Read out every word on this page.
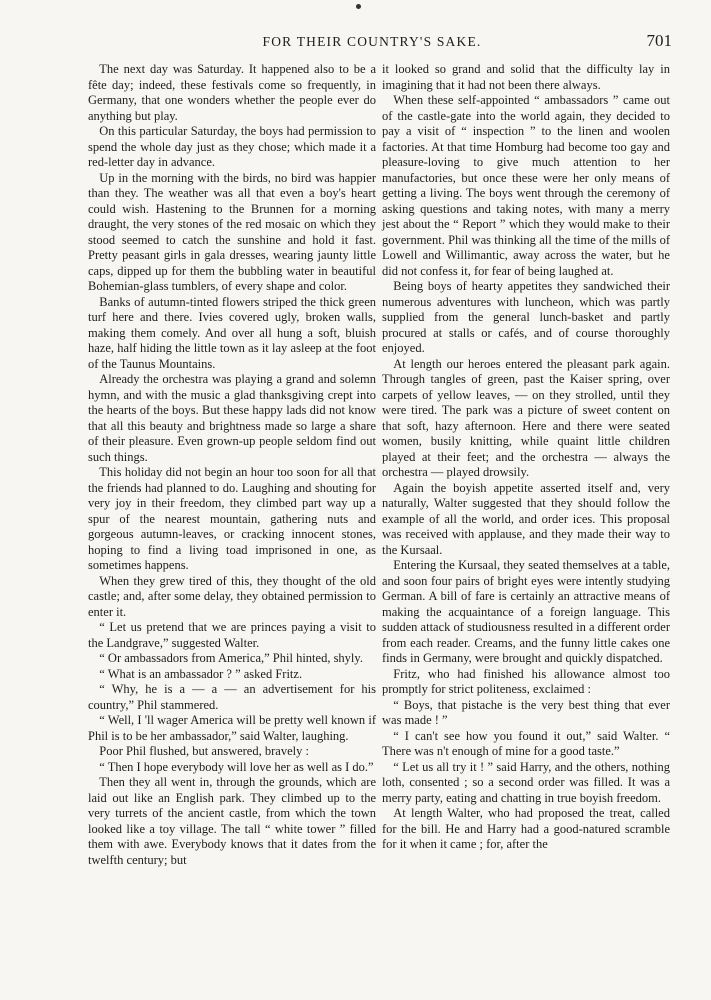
FOR THEIR COUNTRY'S SAKE.	701

The next day was Saturday. It happened also to be a fête day; indeed, these festivals come so frequently, in Germany, that one wonders whether the people ever do anything but play.

On this particular Saturday, the boys had permission to spend the whole day just as they chose; which made it a red-letter day in advance.

Up in the morning with the birds, no bird was happier than they. The weather was all that even a boy's heart could wish. Hastening to the Brunnen for a morning draught, the very stones of the red mosaic on which they stood seemed to catch the sunshine and hold it fast. Pretty peasant girls in gala dresses, wearing jaunty little caps, dipped up for them the bubbling water in beautiful Bohemian-glass tumblers, of every shape and color.

Banks of autumn-tinted flowers striped the thick green turf here and there. Ivies covered ugly, broken walls, making them comely. And over all hung a soft, bluish haze, half hiding the little town as it lay asleep at the foot of the Taunus Mountains.

Already the orchestra was playing a grand and solemn hymn, and with the music a glad thanksgiving crept into the hearts of the boys. But these happy lads did not know that all this beauty and brightness made so large a share of their pleasure. Even grown-up people seldom find out such things.

This holiday did not begin an hour too soon for all that the friends had planned to do. Laughing and shouting for very joy in their freedom, they climbed part way up a spur of the nearest mountain, gathering nuts and gorgeous autumn-leaves, or cracking innocent stones, hoping to find a living toad imprisoned in one, as sometimes happens.

When they grew tired of this, they thought of the old castle; and, after some delay, they obtained permission to enter it.

“ Let us pretend that we are princes paying a visit to the Landgrave,” suggested Walter.

“ Or ambassadors from America,” Phil hinted, shyly.

“ What is an ambassador ? ” asked Fritz.

“ Why, he is a — a — an advertisement for his country,” Phil stammered.

“ Well, I 'll wager America will be pretty well known if Phil is to be her ambassador,” said Walter, laughing.

Poor Phil flushed, but answered, bravely :

“ Then I hope everybody will love her as well as I do.”

Then they all went in, through the grounds, which are laid out like an English park. They climbed up to the very turrets of the ancient castle, from which the town looked like a toy village. The tall “ white tower ” filled them with awe. Everybody knows that it dates from the twelfth century; but

it looked so grand and solid that the difficulty lay in imagining that it had not been there always.

When these self-appointed “ ambassadors ” came out of the castle-gate into the world again, they decided to pay a visit of “ inspection ” to the linen and woolen factories. At that time Homburg had become too gay and pleasure-loving to give much attention to her manufactories, but once these were her only means of getting a living. The boys went through the ceremony of asking questions and taking notes, with many a merry jest about the “ Report ” which they would make to their government. Phil was thinking all the time of the mills of Lowell and Willimantic, away across the water, but he did not confess it, for fear of being laughed at.

Being boys of hearty appetites they sandwiched their numerous adventures with luncheon, which was partly supplied from the general lunch-basket and partly procured at stalls or cafés, and of course thoroughly enjoyed.

At length our heroes entered the pleasant park again. Through tangles of green, past the Kaiser spring, over carpets of yellow leaves, — on they strolled, until they were tired. The park was a picture of sweet content on that soft, hazy afternoon. Here and there were seated women, busily knitting, while quaint little children played at their feet; and the orchestra — always the orchestra — played drowsily.

Again the boyish appetite asserted itself and, very naturally, Walter suggested that they should follow the example of all the world, and order ices. This proposal was received with applause, and they made their way to the Kursaal.

Entering the Kursaal, they seated themselves at a table, and soon four pairs of bright eyes were intently studying German. A bill of fare is certainly an attractive means of making the acquaintance of a foreign language. This sudden attack of studiousness resulted in a different order from each reader. Creams, and the funny little cakes one finds in Germany, were brought and quickly dispatched.

Fritz, who had finished his allowance almost too promptly for strict politeness, exclaimed :

“ Boys, that pistache is the very best thing that ever was made ! ”

“ I can't see how you found it out,” said Walter. “ There was n't enough of mine for a good taste.”

“ Let us all try it ! ” said Harry, and the others, nothing loth, consented ; so a second order was filled. It was a merry party, eating and chatting in true boyish freedom.

At length Walter, who had proposed the treat, called for the bill. He and Harry had a good-natured scramble for it when it came ; for, after the
